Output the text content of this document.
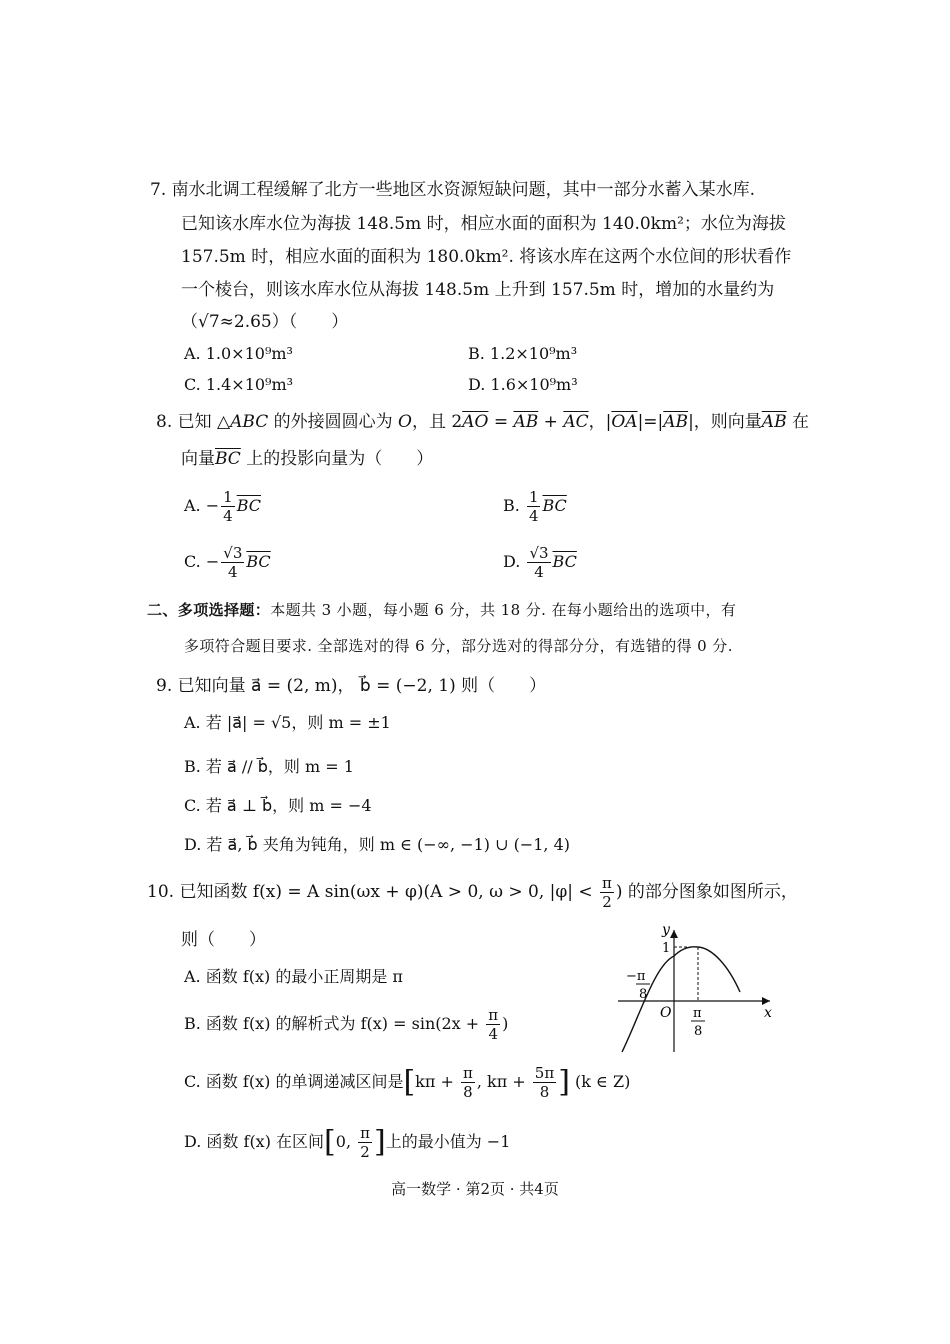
7. 南水北调工程缓解了北方一些地区水资源短缺问题，其中一部分水蓄入某水库.
已知该水库水位为海拔 148.5m 时，相应水面的面积为 140.0km²；水位为海拔
157.5m 时，相应水面的面积为 180.0km². 将该水库在这两个水位间的形状看作
一个棱台，则该水库水位从海拔 148.5m 上升到 157.5m 时，增加的水量约为
（√7≈2.65）（　　）
A. 1.0×10⁹m³	B. 1.2×10⁹m³
C. 1.4×10⁹m³	D. 1.6×10⁹m³
8. 已知 △ABC 的外接圆圆心为 O，且 $2\overline{AO} = \overline{AB} + \overline{AC}$，$|\overline{OA}|=|\overline{AB}|$，则向量$\overline{AB}$ 在
向量$\overline{BC}$ 上的投影向量为（　　）
A. − $\frac{1}{4} \overline{BC}$	B. $\frac{1}{4} \overline{BC}$
C. − $\frac{√3}{4} \overline{BC}$	D. $\frac{√3}{4} \overline{BC}$
二、多项选择题：本题共 3 小题，每小题 6 分，共 18 分. 在每小题给出的选项中，有
多项符合题目要求. 全部选对的得 6 分，部分选对的得部分分，有选错的得 0 分.
9. 已知向量 a⃗ = (2, m)， b⃗ = (−2, 1) 则（　　）
A. 若 |a⃗| = √5，则 m = ±1
B. 若 a⃗ // b⃗，则 m = 1
C. 若 a⃗ ⊥ b⃗，则 m = −4
D. 若 a⃗, b⃗ 夹角为钝角，则 m ∈ (−∞, −1) ∪ (−1, 4)
10. 已知函数 f(x) = A sin(ωx + φ)(A > 0, ω > 0, $|\varphi| < \frac{\pi}{2}$ ) 的部分图象如图所示，
则（　　）
A. 函数 f(x) 的最小正周期是 π
B. 函数 f(x) 的解析式为 $f(x) = \sin(2x + \frac{\pi}{4}$ )
C. 函数 f(x) 的单调递减区间是[$k\pi + \frac{\pi}{8}$ , $k\pi + \frac{5\pi}{8}$ ] (k ∈ Z)
D. 函数 f(x) 在区间[0, $\frac{\pi}{2}$ ]上的最小值为 −1
y
x
O
1
−π
8
π
8
高一数学 · 第2页 · 共4页
